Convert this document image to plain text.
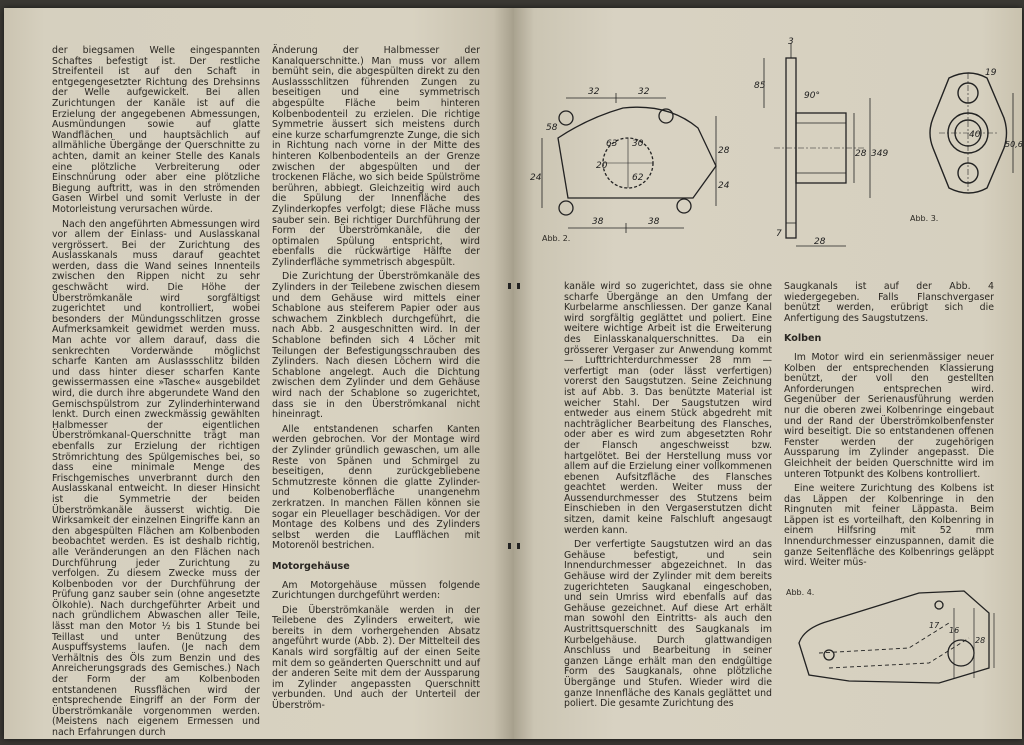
der biegsamen Welle eingespannten Schaftes befestigt ist. Der restliche Streifenteil ist auf den Schaft in entgegengesetzter Richtung des Drehsinns der Welle aufgewickelt. Bei allen Zurichtungen der Kanäle ist auf die Erzielung der angegebenen Abmessungen, Ausmündungen sowie auf glatte Wandflächen und hauptsächlich auf allmähliche Übergänge der Querschnitte zu achten, damit an keiner Stelle des Kanals eine plötzliche Verbreiterung oder Einschnürung oder aber eine plötzliche Biegung auftritt, was in den strömenden Gasen Wirbel und somit Verluste in der Motorleistung verursachen würde.

Nach den angeführten Abmessungen wird vor allem der Einlass- und Auslasskanal vergrössert. Bei der Zurichtung des Auslasskanals muss darauf geachtet werden, dass die Wand seines Innenteils zwischen den Rippen nicht zu sehr geschwächt wird. Die Höhe der Überströmkanäle wird sorgfältigst zugerichtet und kontrolliert, wobei besonders der Mündungsschlitzen grosse Aufmerksamkeit gewidmet werden muss. Man achte vor allem darauf, dass die senkrechten Vorderwände möglichst scharfe Kanten am Auslassschlitz bilden und dass hinter dieser scharfen Kante gewissermassen eine »Tasche« ausgebildet wird, die durch ihre abgerundete Wand den Gemischspülstrom zur Zylinderhinterwand lenkt. Durch einen zweckmässig gewählten Halbmesser der eigentlichen Überströmkanal-Querschnitte trägt man ebenfalls zur Erzielung der richtigen Strömrichtung des Spülgemisches bei, so dass eine minimale Menge des Frischgemisches unverbrannt durch den Auslasskanal entweicht. In dieser Hinsicht ist die Symmetrie der beiden Überströmkanäle äusserst wichtig. Die Wirksamkeit der einzelnen Eingriffe kann an den abgespülten Flächen am Kolbenboden beobachtet werden. Es ist deshalb richtig, alle Veränderungen an den Flächen nach Durchführung jeder Zurichtung zu verfolgen. Zu diesem Zwecke muss der Kolbenboden vor der Durchführung der Prüfung ganz sauber sein (ohne angesetzte Ölkohle). Nach durchgeführter Arbeit und nach gründlichem Abwaschen aller Teile, lässt man den Motor ½ bis 1 Stunde bei Teillast und unter Benützung des Auspuffsystems laufen. (Je nach dem Verhältnis des Öls zum Benzin und des Anreicherungsgrads des Gemisches.) Nach der Form der am Kolbenboden entstandenen Russflächen wird der entsprechende Eingriff an der Form der Überströmkanäle vorgenommen werden. (Meistens nach eigenem Ermessen und nach Erfahrungen durch

Änderung der Halbmesser der Kanalquerschnitte.) Man muss vor allem bemüht sein, die abgespülten direkt zu den Auslassschlitzen führenden Zungen zu beseitigen und eine symmetrisch abgespülte Fläche beim hinteren Kolbenbodenteil zu erzielen. Die richtige Symmetrie äussert sich meistens durch eine kurze scharfumgrenzte Zunge, die sich in Richtung nach vorne in der Mitte des hinteren Kolbenbodenteils an der Grenze zwischen der abgespülten und der trockenen Fläche, wo sich beide Spülströme berühren, abbiegt. Gleichzeitig wird auch die Spülung der Innenfläche des Zylinderkopfes verfolgt; diese Fläche muss sauber sein. Bei richtiger Durchführung der Form der Überströmkanäle, die der optimalen Spülung entspricht, wird ebenfalls die rückwärtige Hälfte der Zylinderfläche symmetrisch abgespült.

Die Zurichtung der Überströmkanäle des Zylinders in der Teilebene zwischen diesem und dem Gehäuse wird mittels einer Schablone aus steiferem Papier oder aus schwachem Zinkblech durchgeführt, die nach Abb. 2 ausgeschnitten wird. In der Schablone befinden sich 4 Löcher mit Teilungen der Befestigungsschrauben des Zylinders. Nach diesen Löchern wird die Schablone angelegt. Auch die Dichtung zwischen dem Zylinder und dem Gehäuse wird nach der Schablone so zugerichtet, dass sie in den Überströmkanal nicht hineinragt.

Alle entstandenen scharfen Kanten werden gebrochen. Vor der Montage wird der Zylinder gründlich gewaschen, um alle Reste von Spänen und Schmirgel zu beseitigen, denn zurückgebliebene Schmutzreste können die glatte Zylinder- und Kolbenoberfläche unangenehm zerkratzen. In manchen Fällen können sie sogar ein Pleuellager beschädigen. Vor der Montage des Kolbens und des Zylinders selbst werden die Laufflächen mit Motorenöl bestrichen.

Motorgehäuse

Am Motorgehäuse müssen folgende Zurichtungen durchgeführt werden:

Die Überströmkanäle werden in der Teilebene des Zylinders erweitert, wie bereits in dem vorhergehenden Absatz angeführt wurde (Abb. 2). Der Mittelteil des Kanals wird sorgfältig auf der einen Seite mit dem so geänderten Querschnitt und auf der anderen Seite mit dem der Aussparung im Zylinder angepassten Querschnitt verbunden. Und auch der Unterteil der Überström-

32	32
58
63 30
28
62
24
38	38
24
20
Abb. 2.
3
85
90°
28 349
7
28
40
19
50,6
Abb. 3.

kanäle wird so zugerichtet, dass sie ohne scharfe Übergänge an den Umfang der Kurbelarme anschliessen. Der ganze Kanal wird sorgfältig geglättet und poliert. Eine weitere wichtige Arbeit ist die Erweiterung des Einlasskanalquerschnittes. Da ein grösserer Vergaser zur Anwendung kommt — Lufttrichterdurchmesser 28 mm — verfertigt man (oder lässt verfertigen) vorerst den Saugstutzen. Seine Zeichnung ist auf Abb. 3. Das benützte Material ist weicher Stahl. Der Saugstutzen wird entweder aus einem Stück abgedreht mit nachträglicher Bearbeitung des Flansches, oder aber es wird zum abgesetzten Rohr der Flansch angeschweisst bzw. hartgelötet. Bei der Herstellung muss vor allem auf die Erzielung einer vollkommenen ebenen Aufsitzfläche des Flansches geachtet werden. Weiter muss der Aussendurchmesser des Stutzens beim Einschieben in den Vergaserstutzen dicht sitzen, damit keine Falschluft angesaugt werden kann.

Der verfertigte Saugstutzen wird an das Gehäuse befestigt, und sein Innendurchmesser abgezeichnet. In das Gehäuse wird der Zylinder mit dem bereits zugerichteten Saugkanal eingeschoben, und sein Umriss wird ebenfalls auf das Gehäuse gezeichnet. Auf diese Art erhält man sowohl den Eintritts- als auch den Austrittsquerschnitt des Saugkanals im Kurbelgehäuse. Durch glattwandigen Anschluss und Bearbeitung in seiner ganzen Länge erhält man den endgültige Form des Saugkanals, ohne plötzliche Übergänge und Stufen. Wieder wird die ganze Innenfläche des Kanals geglättet und poliert. Die gesamte Zurichtung des

Saugkanals ist auf der Abb. 4 wiedergegeben. Falls Flanschvergaser benützt werden, erübrigt sich die Anfertigung des Saugstutzens.

Kolben

Im Motor wird ein serienmässiger neuer Kolben der entsprechenden Klassierung benützt, der voll den gestellten Anforderungen entsprechen wird. Gegenüber der Serienausführung werden nur die oberen zwei Kolbenringe eingebaut und der Rand der Überströmkolbenfenster wird beseitigt. Die so entstandenen offenen Fenster werden der zugehörigen Aussparung im Zylinder angepasst. Die Gleichheit der beiden Querschnitte wird im unteren Totpunkt des Kolbens kontrolliert.

Eine weitere Zurichtung des Kolbens ist das Läppen der Kolbenringe in den Ringnuten mit feiner Läppasta. Beim Läppen ist es vorteilhaft, den Kolbenring in einem Hilfsring mit 52 mm Innendurchmesser einzuspannen, damit die ganze Seitenfläche des Kolbenrings geläppt wird. Weiter müs-

Abb. 4.
17
16
28
